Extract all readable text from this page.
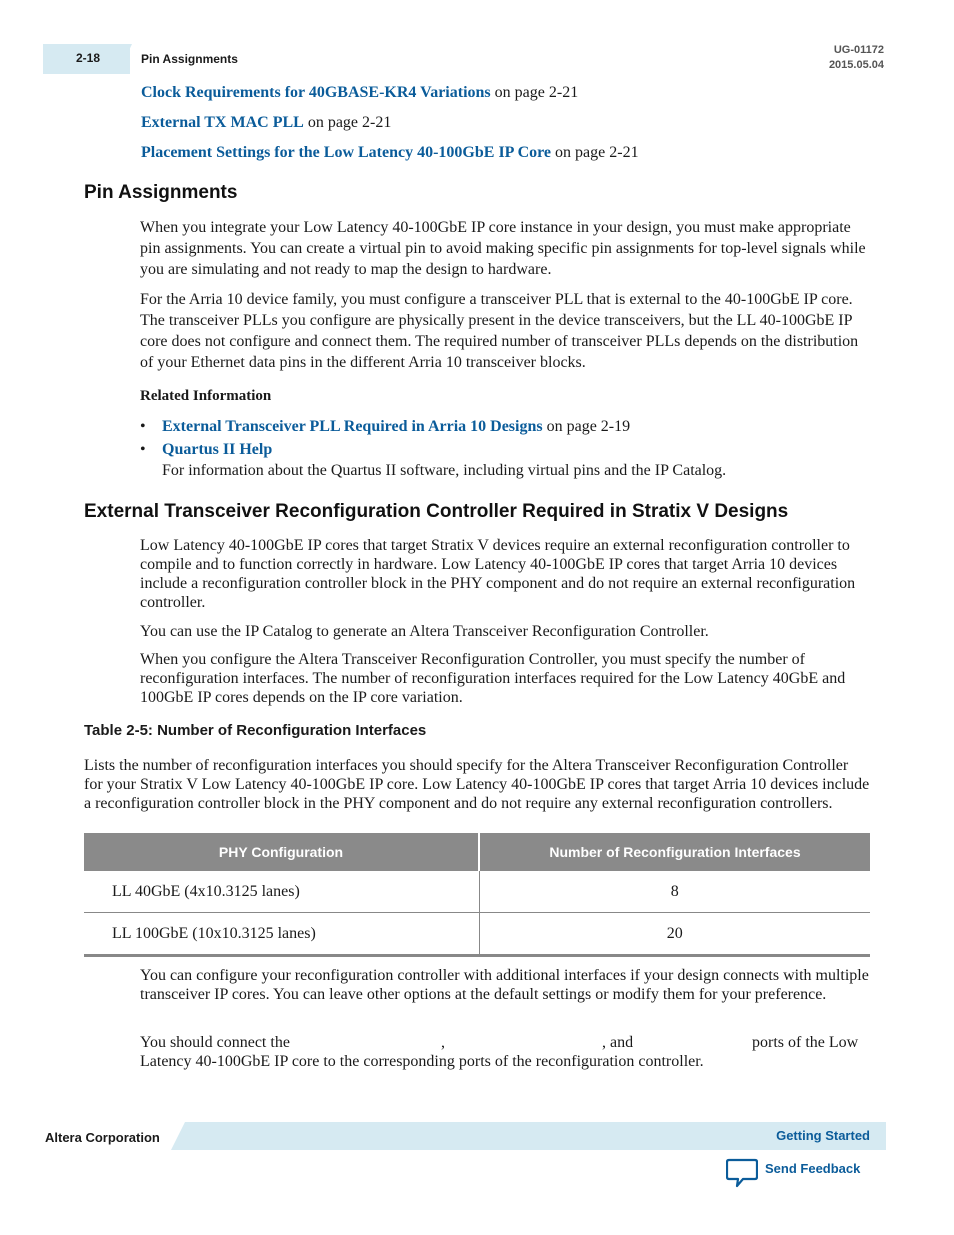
2-18	Pin Assignments
UG-01172
2015.05.04
Clock Requirements for 40GBASE-KR4 Variations on page 2-21
External TX MAC PLL on page 2-21
Placement Settings for the Low Latency 40-100GbE IP Core on page 2-21
Pin Assignments
When you integrate your Low Latency 40-100GbE IP core instance in your design, you must make appropriate pin assignments. You can create a virtual pin to avoid making specific pin assignments for top-level signals while you are simulating and not ready to map the design to hardware.
For the Arria 10 device family, you must configure a transceiver PLL that is external to the 40-100GbE IP core. The transceiver PLLs you configure are physically present in the device transceivers, but the LL 40-100GbE IP core does not configure and connect them. The required number of transceiver PLLs depends on the distribution of your Ethernet data pins in the different Arria 10 transceiver blocks.
Related Information
• External Transceiver PLL Required in Arria 10 Designs on page 2-19
• Quartus II Help
For information about the Quartus II software, including virtual pins and the IP Catalog.
External Transceiver Reconfiguration Controller Required in Stratix V Designs
Low Latency 40-100GbE IP cores that target Stratix V devices require an external reconfiguration controller to compile and to function correctly in hardware. Low Latency 40-100GbE IP cores that target Arria 10 devices include a reconfiguration controller block in the PHY component and do not require an external reconfiguration controller.
You can use the IP Catalog to generate an Altera Transceiver Reconfiguration Controller.
When you configure the Altera Transceiver Reconfiguration Controller, you must specify the number of reconfiguration interfaces. The number of reconfiguration interfaces required for the Low Latency 40GbE and 100GbE IP cores depends on the IP core variation.
Table 2-5: Number of Reconfiguration Interfaces
Lists the number of reconfiguration interfaces you should specify for the Altera Transceiver Reconfiguration Controller for your Stratix V Low Latency 40-100GbE IP core. Low Latency 40-100GbE IP cores that target Arria 10 devices include a reconfiguration controller block in the PHY component and do not require any external reconfiguration controllers.
PHY Configuration	Number of Reconfiguration Interfaces
LL 40GbE (4x10.3125 lanes)	8
LL 100GbE (10x10.3125 lanes)	20
You can configure your reconfiguration controller with additional interfaces if your design connects with multiple transceiver IP cores. You can leave other options at the default settings or modify them for your preference.
You should connect the	,	, and	ports of the Low
Latency 40-100GbE IP core to the corresponding ports of the reconfiguration controller.
Altera Corporation	Getting Started
Send Feedback
